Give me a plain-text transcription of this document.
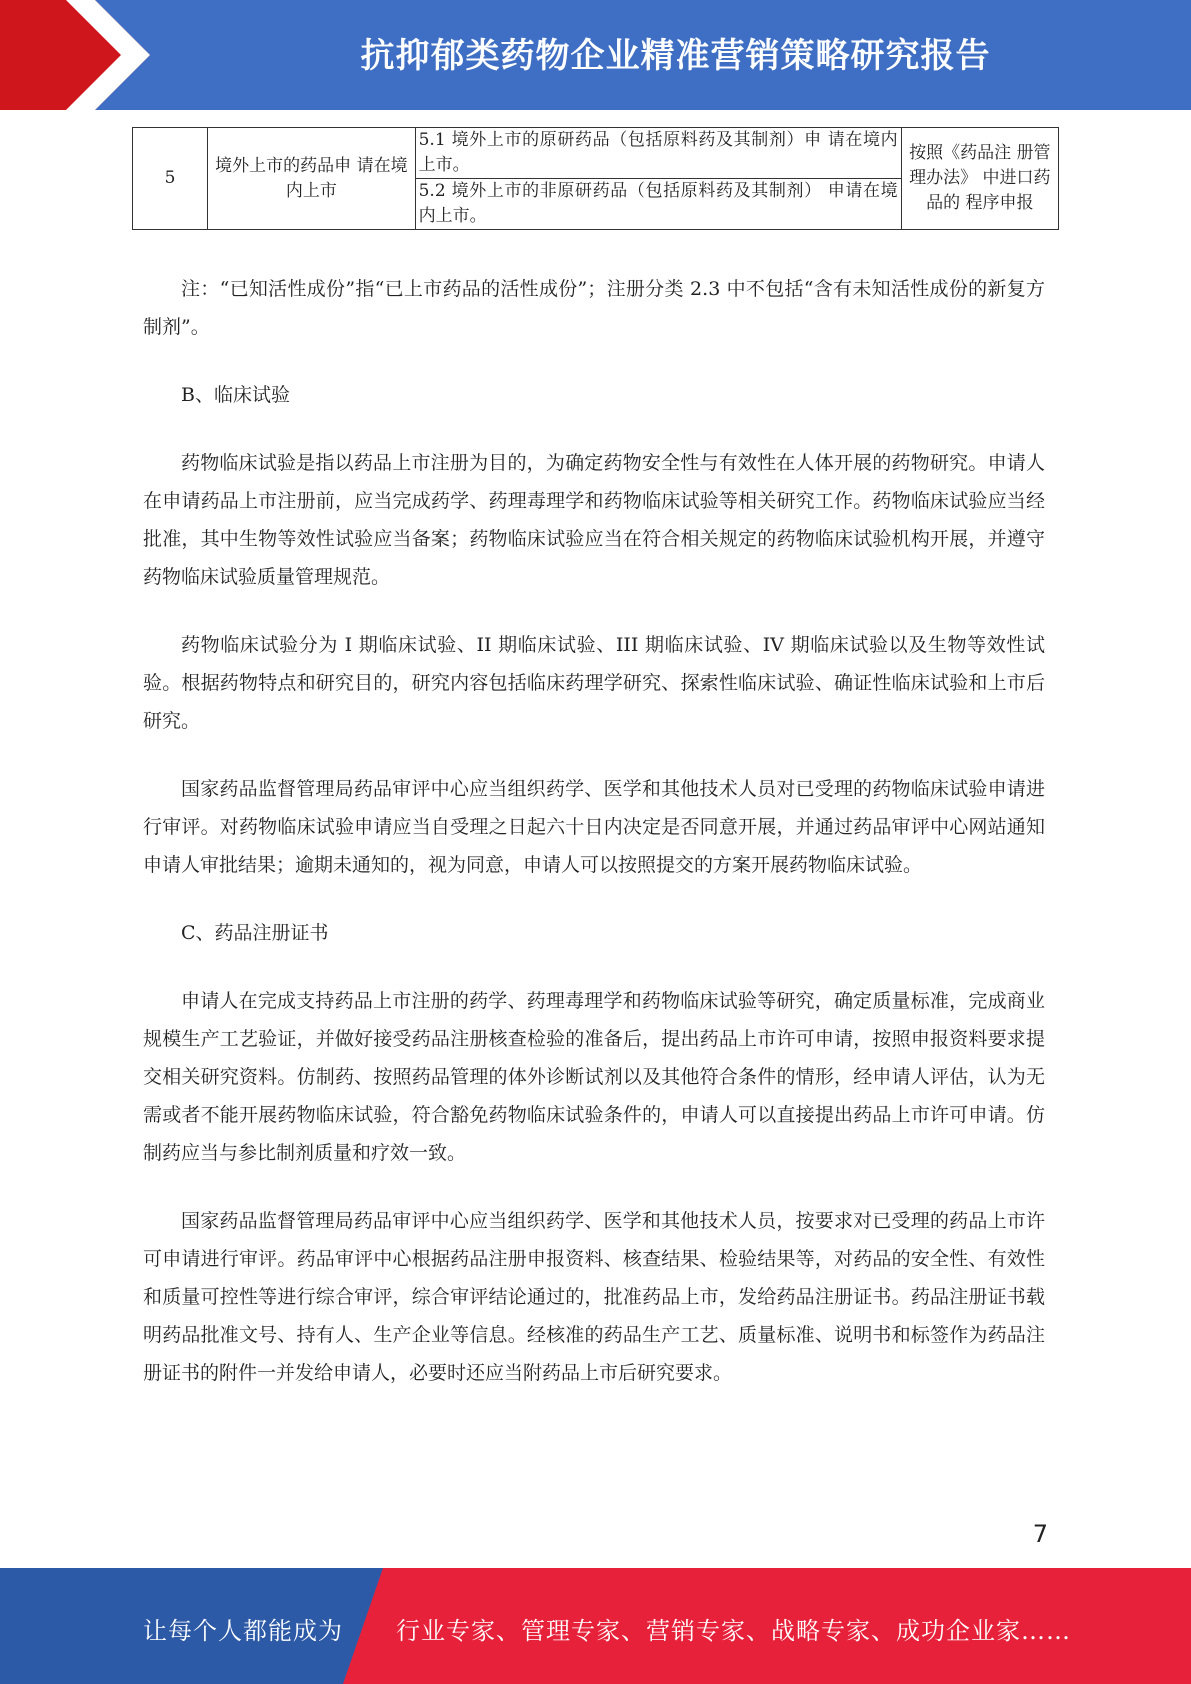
抗抑郁类药物企业精准营销策略研究报告
5	境外上市的药品申 请在境内上市	5.1 境外上市的原研药品（包括原料药及其制剂）申 请在境内上市。	按照《药品注 册管理办法》 中进口药品的 程序申报
5.2 境外上市的非原研药品（包括原料药及其制剂） 申请在境内上市。

注：“已知活性成份”指“已上市药品的活性成份”；注册分类 2.3 中不包括“含有未知活性成份的新复方制剂”。

B、临床试验

药物临床试验是指以药品上市注册为目的，为确定药物安全性与有效性在人体开展的药物研究。申请人在申请药品上市注册前，应当完成药学、药理毒理学和药物临床试验等相关研究工作。药物临床试验应当经批准，其中生物等效性试验应当备案；药物临床试验应当在符合相关规定的药物临床试验机构开展，并遵守药物临床试验质量管理规范。

药物临床试验分为 I 期临床试验、II 期临床试验、III 期临床试验、IV 期临床试验以及生物等效性试验。根据药物特点和研究目的，研究内容包括临床药理学研究、探索性临床试验、确证性临床试验和上市后研究。

国家药品监督管理局药品审评中心应当组织药学、医学和其他技术人员对已受理的药物临床试验申请进行审评。对药物临床试验申请应当自受理之日起六十日内决定是否同意开展，并通过药品审评中心网站通知申请人审批结果；逾期未通知的，视为同意，申请人可以按照提交的方案开展药物临床试验。

C、药品注册证书

申请人在完成支持药品上市注册的药学、药理毒理学和药物临床试验等研究，确定质量标准，完成商业规模生产工艺验证，并做好接受药品注册核查检验的准备后，提出药品上市许可申请，按照申报资料要求提交相关研究资料。仿制药、按照药品管理的体外诊断试剂以及其他符合条件的情形，经申请人评估，认为无需或者不能开展药物临床试验，符合豁免药物临床试验条件的，申请人可以直接提出药品上市许可申请。仿制药应当与参比制剂质量和疗效一致。

国家药品监督管理局药品审评中心应当组织药学、医学和其他技术人员，按要求对已受理的药品上市许可申请进行审评。药品审评中心根据药品注册申报资料、核查结果、检验结果等，对药品的安全性、有效性和质量可控性等进行综合审评，综合审评结论通过的，批准药品上市，发给药品注册证书。药品注册证书载明药品批准文号、持有人、生产企业等信息。经核准的药品生产工艺、质量标准、说明书和标签作为药品注册证书的附件一并发给申请人，必要时还应当附药品上市后研究要求。

7
让每个人都能成为 行业专家、管理专家、营销专家、战略专家、成功企业家……
